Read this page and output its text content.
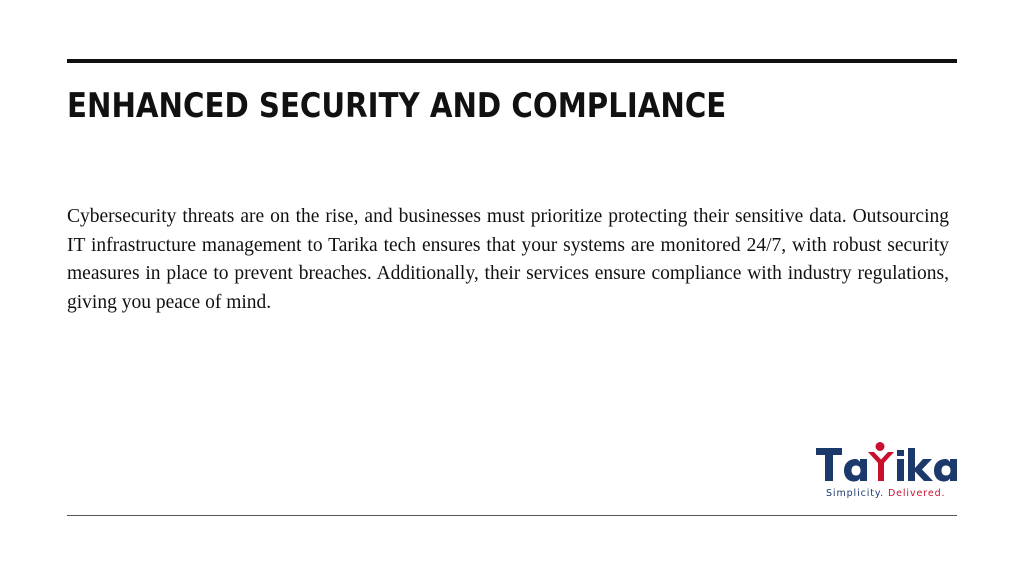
ENHANCED SECURITY AND COMPLIANCE

Cybersecurity threats are on the rise, and businesses must prioritize protecting their sensitive data. Outsourcing IT infrastructure management to Tarika tech ensures that your systems are monitored 24/7, with robust security measures in place to prevent breaches. Additionally, their services ensure compliance with industry regulations, giving you peace of mind.

Simplicity. Delivered.
